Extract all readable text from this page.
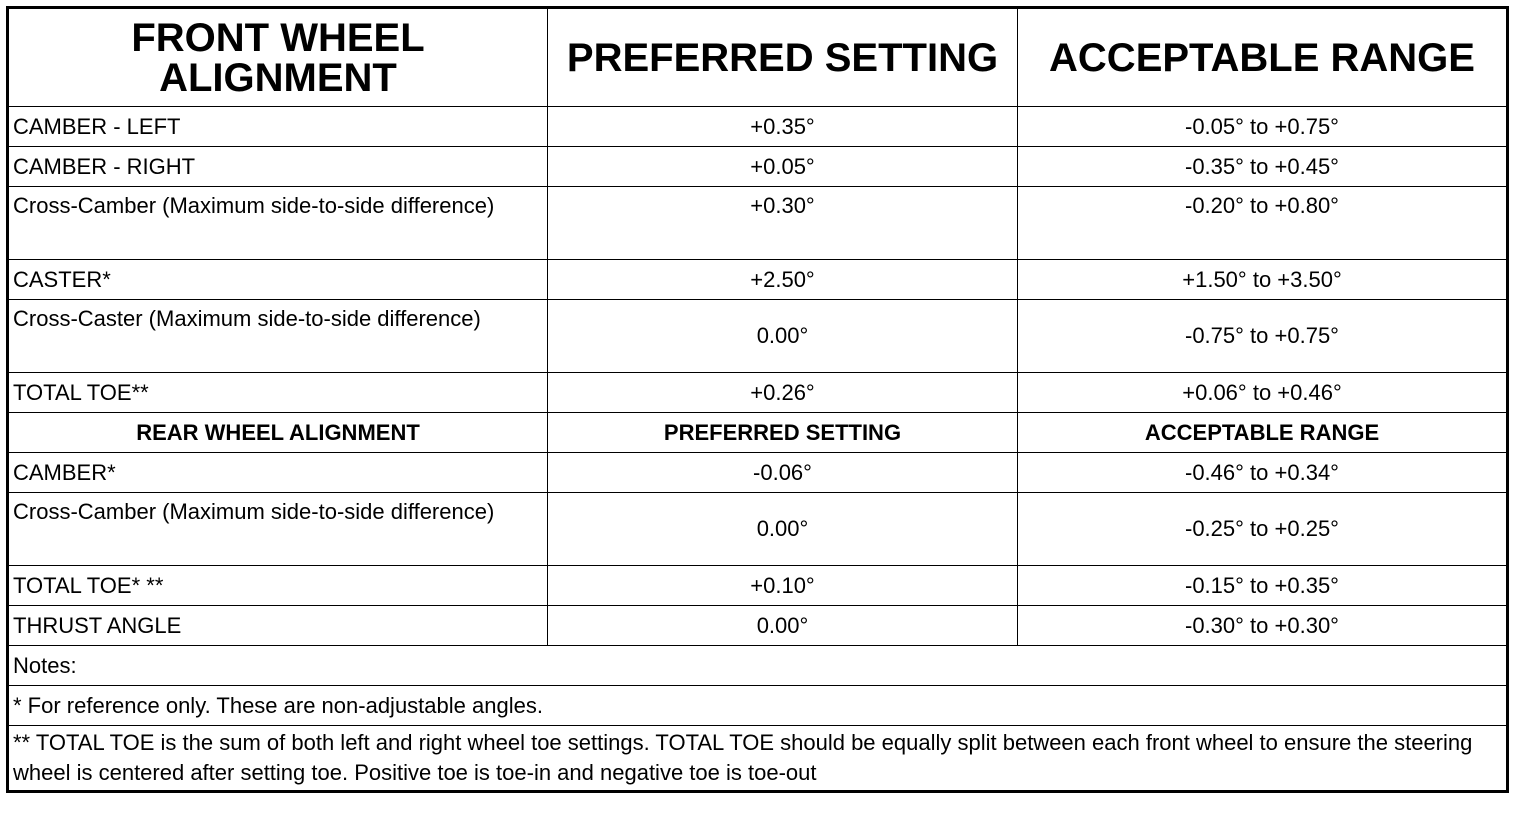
FRONT WHEEL
ALIGNMENT	PREFERRED SETTING	ACCEPTABLE RANGE
CAMBER - LEFT	+0.35°	-0.05° to +0.75°
CAMBER - RIGHT	+0.05°	-0.35° to +0.45°
Cross-Camber (Maximum side-to-side difference)	+0.30°	-0.20° to +0.80°
CASTER*	+2.50°	+1.50° to +3.50°
Cross-Caster (Maximum side-to-side difference)	0.00°	-0.75° to +0.75°
TOTAL TOE**	+0.26°	+0.06° to +0.46°
REAR WHEEL ALIGNMENT	PREFERRED SETTING	ACCEPTABLE RANGE
CAMBER*	-0.06°	-0.46° to +0.34°
Cross-Camber (Maximum side-to-side difference)	0.00°	-0.25° to +0.25°
TOTAL TOE* **	+0.10°	-0.15° to +0.35°
THRUST ANGLE	0.00°	-0.30° to +0.30°
Notes:		
* For reference only. These are non-adjustable angles.		
** TOTAL TOE is the sum of both left and right wheel toe settings. TOTAL TOE should be equally split between each front wheel to ensure the steering wheel is centered after setting toe. Positive toe is toe-in and negative toe is toe-out		
